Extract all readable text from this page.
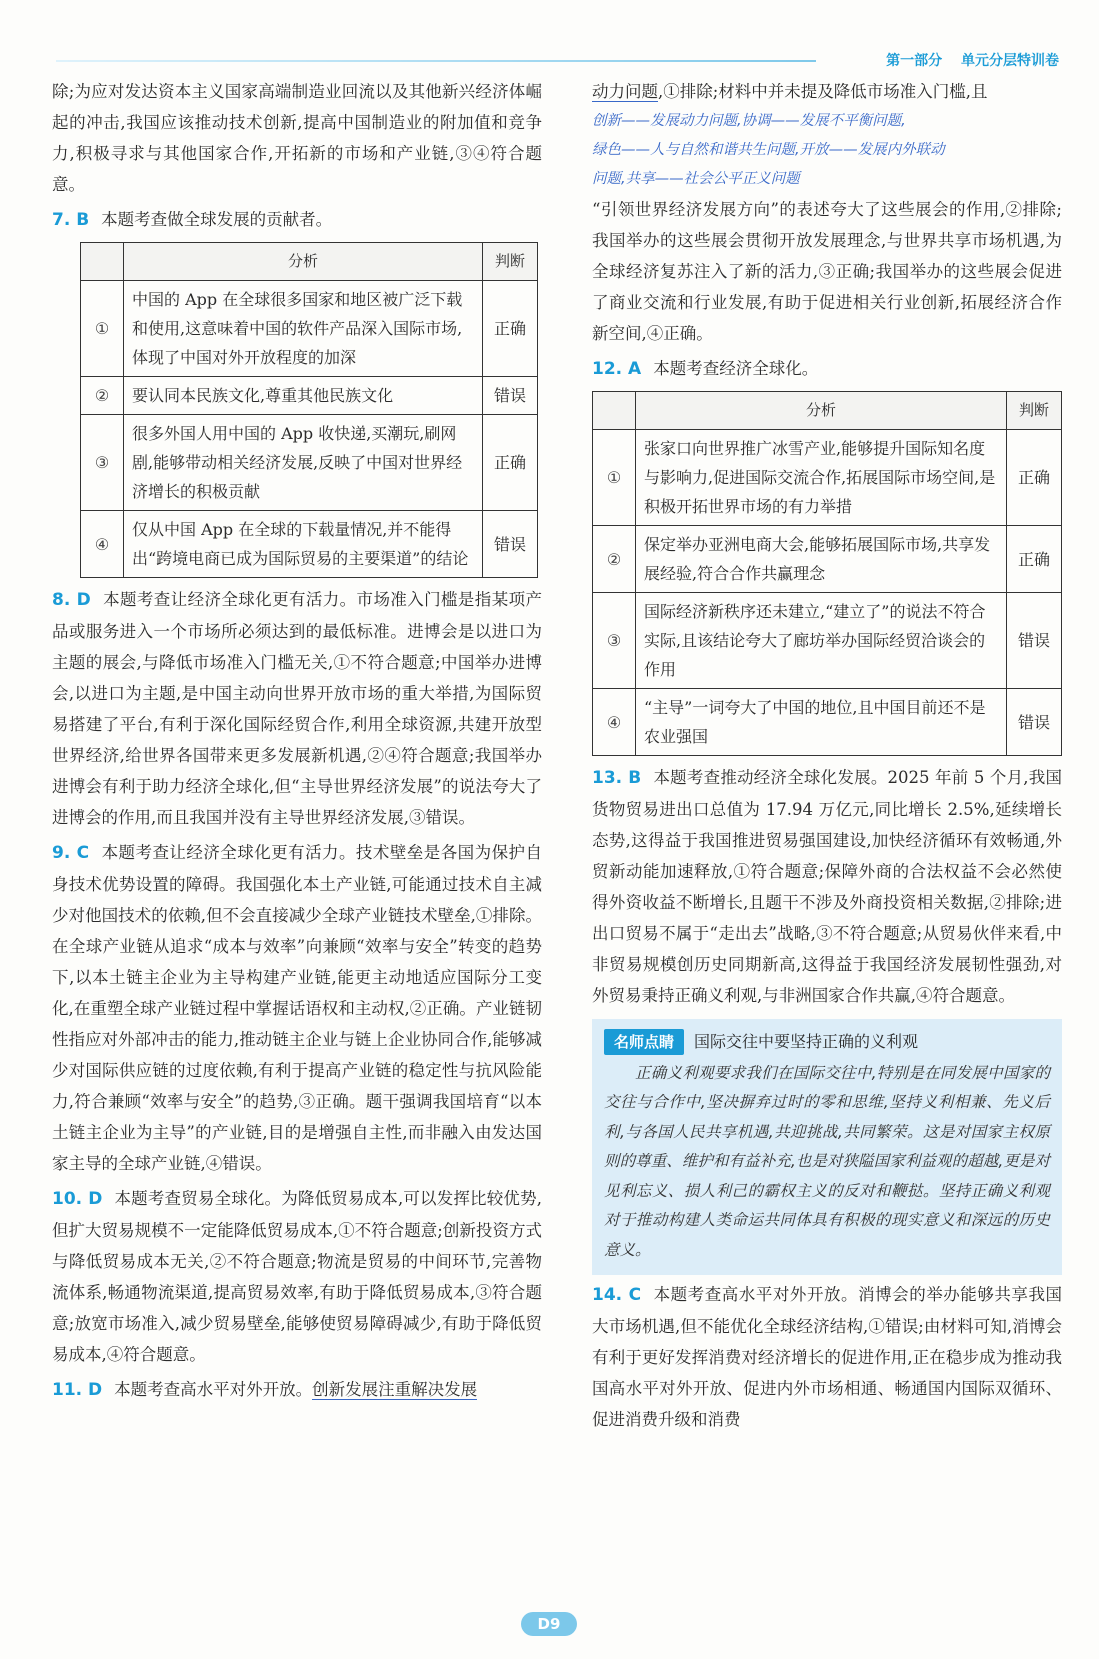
第一部分 单元分层特训卷

除;为应对发达资本主义国家高端制造业回流以及其他新兴经济体崛起的冲击,我国应该推动技术创新,提高中国制造业的附加值和竞争力,积极寻求与其他国家合作,开拓新的市场和产业链,③④符合题意。

7. B 本题考查做全球发展的贡献者。

	分析	判断
①	中国的 App 在全球很多国家和地区被广泛下载和使用,这意味着中国的软件产品深入国际市场,体现了中国对外开放程度的加深	正确
②	要认同本民族文化,尊重其他民族文化	错误
③	很多外国人用中国的 App 收快递,买潮玩,刷网剧,能够带动相关经济发展,反映了中国对世界经济增长的积极贡献	正确
④	仅从中国 App 在全球的下载量情况,并不能得出“跨境电商已成为国际贸易的主要渠道”的结论	错误

8. D 本题考查让经济全球化更有活力。市场准入门槛是指某项产品或服务进入一个市场所必须达到的最低标准。进博会是以进口为主题的展会,与降低市场准入门槛无关,①不符合题意;中国举办进博会,以进口为主题,是中国主动向世界开放市场的重大举措,为国际贸易搭建了平台,有利于深化国际经贸合作,利用全球资源,共建开放型世界经济,给世界各国带来更多发展新机遇,②④符合题意;我国举办进博会有利于助力经济全球化,但“主导世界经济发展”的说法夸大了进博会的作用,而且我国并没有主导世界经济发展,③错误。

9. C 本题考查让经济全球化更有活力。技术壁垒是各国为保护自身技术优势设置的障碍。我国强化本土产业链,可能通过技术自主减少对他国技术的依赖,但不会直接减少全球产业链技术壁垒,①排除。在全球产业链从追求“成本与效率”向兼顾“效率与安全”转变的趋势下,以本土链主企业为主导构建产业链,能更主动地适应国际分工变化,在重塑全球产业链过程中掌握话语权和主动权,②正确。产业链韧性指应对外部冲击的能力,推动链主企业与链上企业协同合作,能够减少对国际供应链的过度依赖,有利于提高产业链的稳定性与抗风险能力,符合兼顾“效率与安全”的趋势,③正确。题干强调我国培育“以本土链主企业为主导”的产业链,目的是增强自主性,而非融入由发达国家主导的全球产业链,④错误。

10. D 本题考查贸易全球化。为降低贸易成本,可以发挥比较优势,但扩大贸易规模不一定能降低贸易成本,①不符合题意;创新投资方式与降低贸易成本无关,②不符合题意;物流是贸易的中间环节,完善物流体系,畅通物流渠道,提高贸易效率,有助于降低贸易成本,③符合题意;放宽市场准入,减少贸易壁垒,能够使贸易障碍减少,有助于降低贸易成本,④符合题意。

11. D 本题考查高水平对外开放。创新发展注重解决发展

动力问题,①排除;材料中并未提及降低市场准入门槛,且

创新——发展动力问题,协调——发展不平衡问题,
绿色——人与自然和谐共生问题,开放——发展内外联动
问题,共享——社会公平正义问题

“引领世界经济发展方向”的表述夸大了这些展会的作用,②排除;我国举办的这些展会贯彻开放发展理念,与世界共享市场机遇,为全球经济复苏注入了新的活力,③正确;我国举办的这些展会促进了商业交流和行业发展,有助于促进相关行业创新,拓展经济合作新空间,④正确。

12. A 本题考查经济全球化。

	分析	判断
①	张家口向世界推广冰雪产业,能够提升国际知名度与影响力,促进国际交流合作,拓展国际市场空间,是积极开拓世界市场的有力举措	正确
②	保定举办亚洲电商大会,能够拓展国际市场,共享发展经验,符合合作共赢理念	正确
③	国际经济新秩序还未建立,“建立了”的说法不符合实际,且该结论夸大了廊坊举办国际经贸洽谈会的作用	错误
④	“主导”一词夸大了中国的地位,且中国目前还不是农业强国	错误

13. B 本题考查推动经济全球化发展。2025 年前 5 个月,我国货物贸易进出口总值为 17.94 万亿元,同比增长 2.5%,延续增长态势,这得益于我国推进贸易强国建设,加快经济循环有效畅通,外贸新动能加速释放,①符合题意;保障外商的合法权益不会必然使得外资收益不断增长,且题干不涉及外商投资相关数据,②排除;进出口贸易不属于“走出去”战略,③不符合题意;从贸易伙伴来看,中非贸易规模创历史同期新高,这得益于我国经济发展韧性强劲,对外贸易秉持正确义利观,与非洲国家合作共赢,④符合题意。

名师点睛	国际交往中要坚持正确的义利观

正确义利观要求我们在国际交往中,特别是在同发展中国家的交往与合作中,坚决摒弃过时的零和思维,坚持义利相兼、先义后利,与各国人民共享机遇,共迎挑战,共同繁荣。这是对国家主权原则的尊重、维护和有益补充,也是对狭隘国家利益观的超越,更是对见利忘义、损人利己的霸权主义的反对和鞭挞。坚持正确义利观对于推动构建人类命运共同体具有积极的现实意义和深远的历史意义。

14. C 本题考查高水平对外开放。消博会的举办能够共享我国大市场机遇,但不能优化全球经济结构,①错误;由材料可知,消博会有利于更好发挥消费对经济增长的促进作用,正在稳步成为推动我国高水平对外开放、促进内外市场相通、畅通国内国际双循环、促进消费升级和消费

D9
